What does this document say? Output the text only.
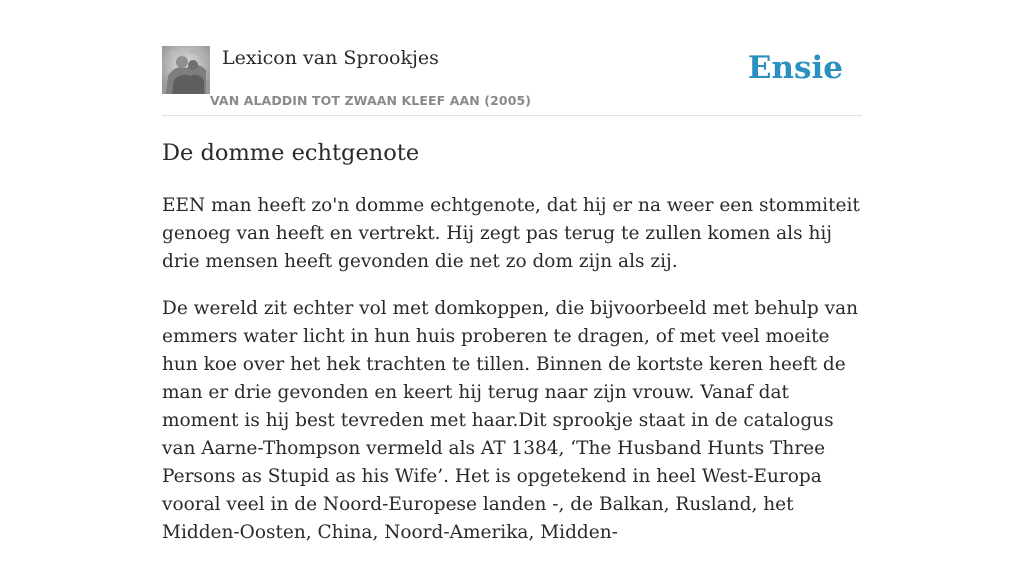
Lexicon van Sprookjes
VAN ALADDIN TOT ZWAAN KLEEF AAN (2005)
Ensie
De domme echtgenote

EEN man heeft zo'n domme echtgenote, dat hij er na weer een stommiteit genoeg van heeft en vertrekt. Hij zegt pas terug te zullen komen als hij drie mensen heeft gevonden die net zo dom zijn als zij.

De wereld zit echter vol met domkoppen, die bijvoorbeeld met behulp van emmers water licht in hun huis proberen te dragen, of met veel moeite hun koe over het hek trachten te tillen. Binnen de kortste keren heeft de man er drie gevonden en keert hij terug naar zijn vrouw. Vanaf dat moment is hij best tevreden met haar.Dit sprookje staat in de catalogus van Aarne-Thompson vermeld als AT 1384, ‘The Husband Hunts Three Persons as Stupid as his Wife’. Het is opgetekend in heel West-Europa vooral veel in de Noord-Europese landen -, de Balkan, Rusland, het Midden-Oosten, China, Noord-Amerika, Midden-
